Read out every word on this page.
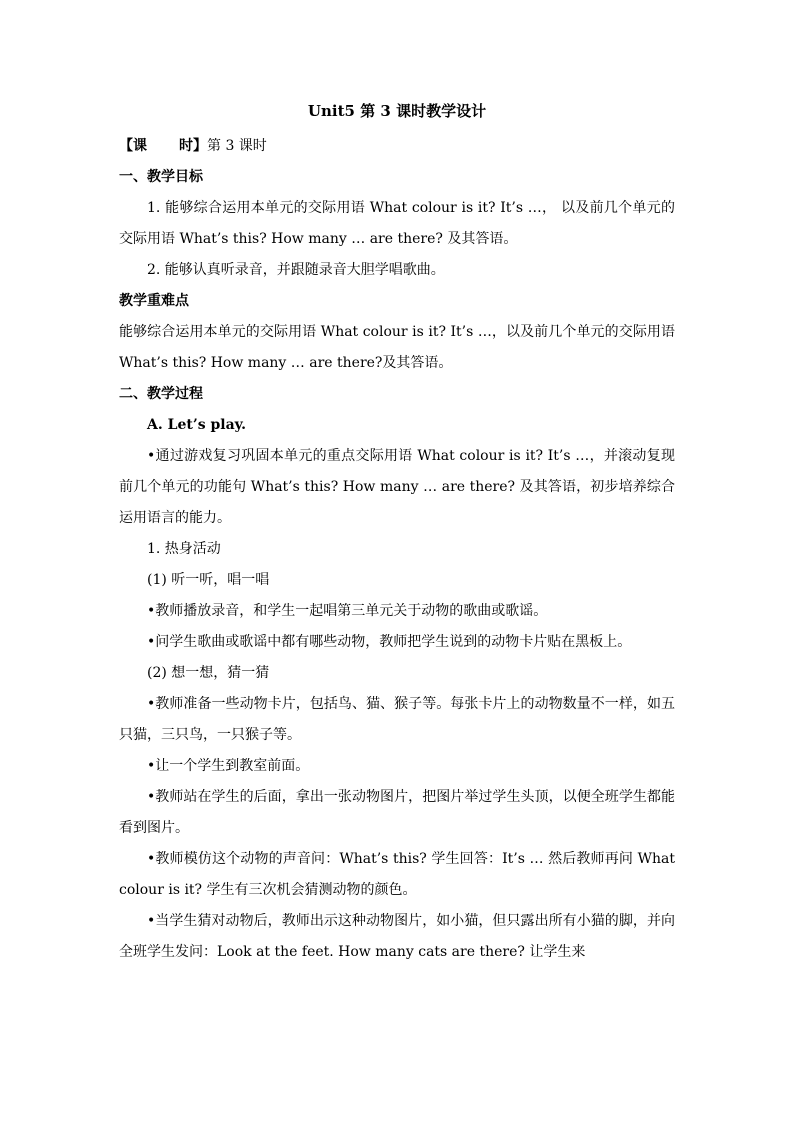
Unit5 第 3 课时教学设计

【课 时】第 3 课时

一、教学目标

1. 能够综合运用本单元的交际用语 What colour is it? It’s …， 以及前几个单元的交际用语 What’s this? How many … are there? 及其答语。

2. 能够认真听录音，并跟随录音大胆学唱歌曲。

教学重难点

能够综合运用本单元的交际用语 What colour is it? It’s …，以及前几个单元的交际用语 What’s this? How many … are there?及其答语。

二、教学过程

A. Let’s play.

•通过游戏复习巩固本单元的重点交际用语 What colour is it? It’s …，并滚动复现前几个单元的功能句 What’s this? How many … are there? 及其答语，初步培养综合运用语言的能力。

1. 热身活动

(1) 听一听，唱一唱

•教师播放录音，和学生一起唱第三单元关于动物的歌曲或歌谣。

•问学生歌曲或歌谣中都有哪些动物，教师把学生说到的动物卡片贴在黑板上。

(2) 想一想，猜一猜

•教师准备一些动物卡片，包括鸟、猫、猴子等。每张卡片上的动物数量不一样，如五只猫，三只鸟，一只猴子等。

•让一个学生到教室前面。

•教师站在学生的后面，拿出一张动物图片，把图片举过学生头顶，以便全班学生都能看到图片。

•教师模仿这个动物的声音问：What’s this? 学生回答：It’s … 然后教师再问 What colour is it? 学生有三次机会猜测动物的颜色。

•当学生猜对动物后，教师出示这种动物图片，如小猫，但只露出所有小猫的脚，并向全班学生发问：Look at the feet. How many cats are there? 让学生来
